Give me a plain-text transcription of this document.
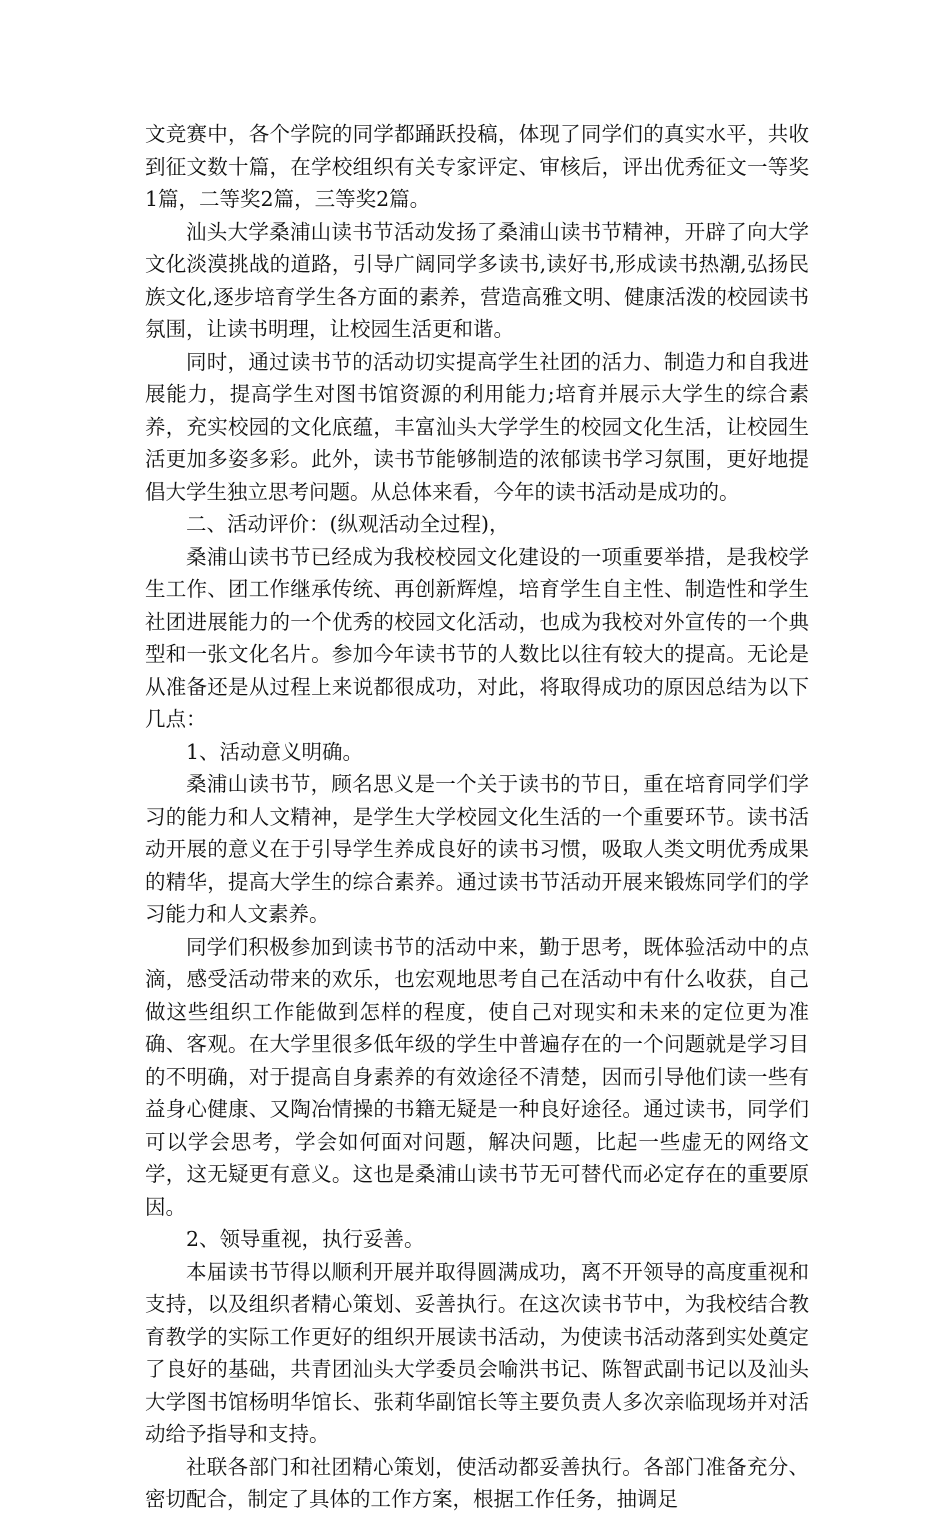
文竞赛中，各个学院的同学都踊跃投稿，体现了同学们的真实水平，共收到征文数十篇，在学校组织有关专家评定、审核后，评出优秀征文一等奖1篇，二等奖2篇，三等奖2篇。

汕头大学桑浦山读书节活动发扬了桑浦山读书节精神，开辟了向大学文化淡漠挑战的道路，引导广阔同学多读书,读好书,形成读书热潮,弘扬民族文化,逐步培育学生各方面的素养，营造高雅文明、健康活泼的校园读书氛围，让读书明理，让校园生活更和谐。

同时，通过读书节的活动切实提高学生社团的活力、制造力和自我进展能力，提高学生对图书馆资源的利用能力;培育并展示大学生的综合素养，充实校园的文化底蕴，丰富汕头大学学生的校园文化生活，让校园生活更加多姿多彩。此外，读书节能够制造的浓郁读书学习氛围，更好地提倡大学生独立思考问题。从总体来看，今年的读书活动是成功的。

二、活动评价：(纵观活动全过程)，

桑浦山读书节已经成为我校校园文化建设的一项重要举措，是我校学生工作、团工作继承传统、再创新辉煌，培育学生自主性、制造性和学生社团进展能力的一个优秀的校园文化活动，也成为我校对外宣传的一个典型和一张文化名片。参加今年读书节的人数比以往有较大的提高。无论是从准备还是从过程上来说都很成功，对此，将取得成功的原因总结为以下几点：

1、活动意义明确。

桑浦山读书节，顾名思义是一个关于读书的节日，重在培育同学们学习的能力和人文精神，是学生大学校园文化生活的一个重要环节。读书活动开展的意义在于引导学生养成良好的读书习惯，吸取人类文明优秀成果的精华，提高大学生的综合素养。通过读书节活动开展来锻炼同学们的学习能力和人文素养。

同学们积极参加到读书节的活动中来，勤于思考，既体验活动中的点滴，感受活动带来的欢乐，也宏观地思考自己在活动中有什么收获，自己做这些组织工作能做到怎样的程度，使自己对现实和未来的定位更为准确、客观。在大学里很多低年级的学生中普遍存在的一个问题就是学习目的不明确，对于提高自身素养的有效途径不清楚，因而引导他们读一些有益身心健康、又陶冶情操的书籍无疑是一种良好途径。通过读书，同学们可以学会思考，学会如何面对问题，解决问题，比起一些虚无的网络文学，这无疑更有意义。这也是桑浦山读书节无可替代而必定存在的重要原因。

2、领导重视，执行妥善。

本届读书节得以顺利开展并取得圆满成功，离不开领导的高度重视和支持，以及组织者精心策划、妥善执行。在这次读书节中，为我校结合教育教学的实际工作更好的组织开展读书活动，为使读书活动落到实处奠定了良好的基础，共青团汕头大学委员会喻洪书记、陈智武副书记以及汕头大学图书馆杨明华馆长、张莉华副馆长等主要负责人多次亲临现场并对活动给予指导和支持。

社联各部门和社团精心策划，使活动都妥善执行。各部门准备充分、密切配合，制定了具体的工作方案，根据工作任务，抽调足
